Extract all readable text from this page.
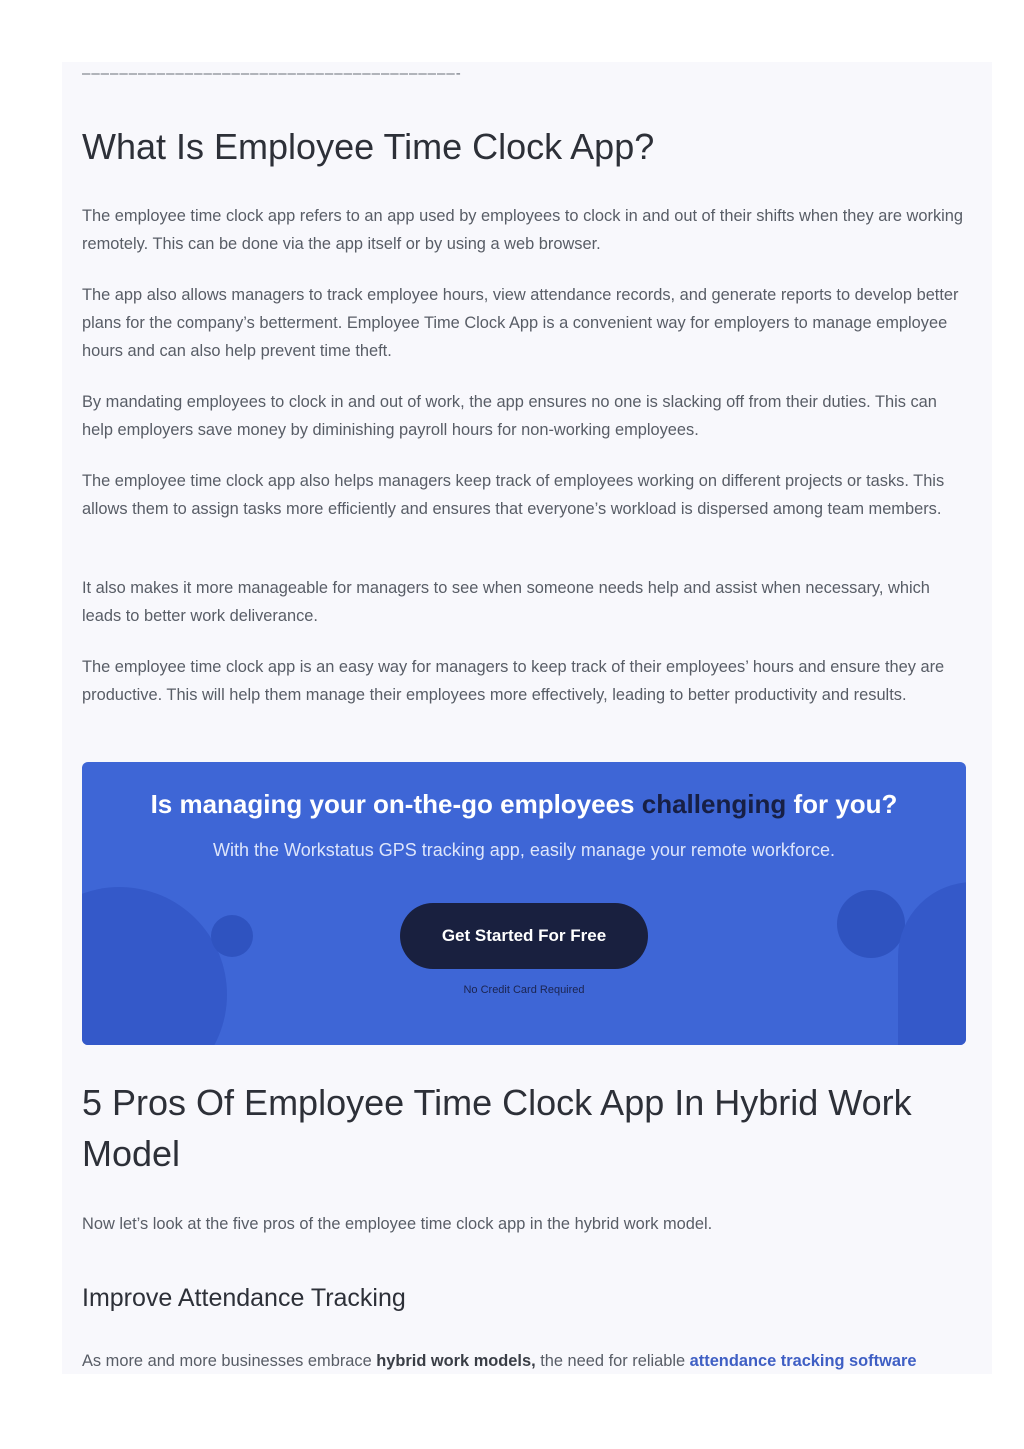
––––––––––––––––––––––––––––––––––––––––-
What Is Employee Time Clock App?

The employee time clock app refers to an app used by employees to clock in and out of their shifts when they are working remotely. This can be done via the app itself or by using a web browser.

The app also allows managers to track employee hours, view attendance records, and generate reports to develop better plans for the company’s betterment. Employee Time Clock App is a convenient way for employers to manage employee hours and can also help prevent time theft.

By mandating employees to clock in and out of work, the app ensures no one is slacking off from their duties. This can help employers save money by diminishing payroll hours for non-working employees.

The employee time clock app also helps managers keep track of employees working on different projects or tasks. This allows them to assign tasks more efficiently and ensures that everyone’s workload is dispersed among team members.

It also makes it more manageable for managers to see when someone needs help and assist when necessary, which leads to better work deliverance.

The employee time clock app is an easy way for managers to keep track of their employees’ hours and ensure they are productive. This will help them manage their employees more effectively, leading to better productivity and results.

Is managing your on-the-go employees challenging for you?
With the Workstatus GPS tracking app, easily manage your remote workforce.
Get Started For Free
No Credit Card Required
5 Pros Of Employee Time Clock App In Hybrid Work
Model

Now let’s look at the five pros of the employee time clock app in the hybrid work model.

Improve Attendance Tracking

As more and more businesses embrace hybrid work models, the need for reliable attendance tracking software
